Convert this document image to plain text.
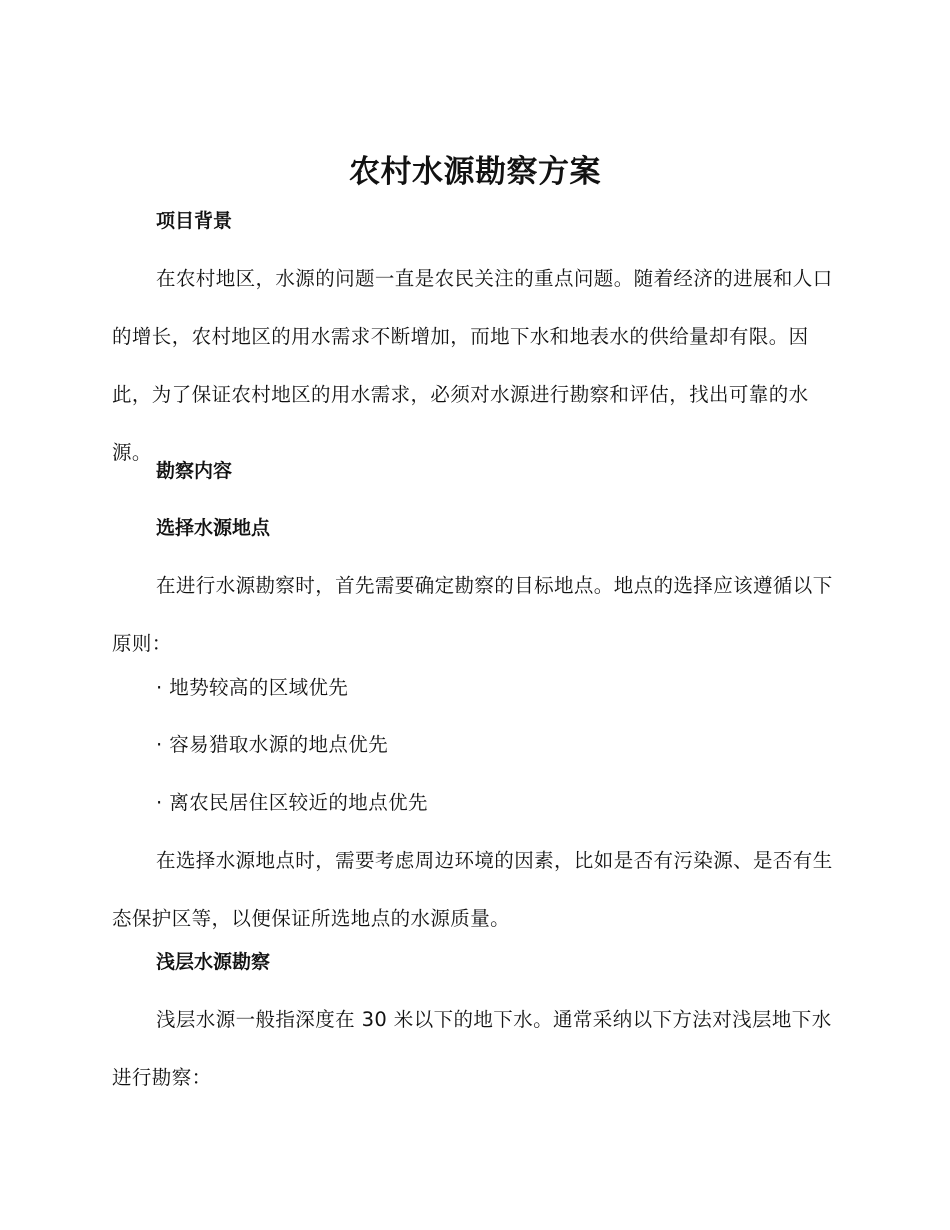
农村水源勘察方案
项目背景

在农村地区，水源的问题一直是农民关注的重点问题。随着经济的进展和人口的增长，农村地区的用水需求不断增加，而地下水和地表水的供给量却有限。因此，为了保证农村地区的用水需求，必须对水源进行勘察和评估，找出可靠的水源。

勘察内容
选择水源地点

在进行水源勘察时，首先需要确定勘察的目标地点。地点的选择应该遵循以下原则：

· 地势较高的区域优先

· 容易猎取水源的地点优先

· 离农民居住区较近的地点优先

在选择水源地点时，需要考虑周边环境的因素，比如是否有污染源、是否有生态保护区等，以便保证所选地点的水源质量。

浅层水源勘察

浅层水源一般指深度在 30 米以下的地下水。通常采纳以下方法对浅层地下水进行勘察：
